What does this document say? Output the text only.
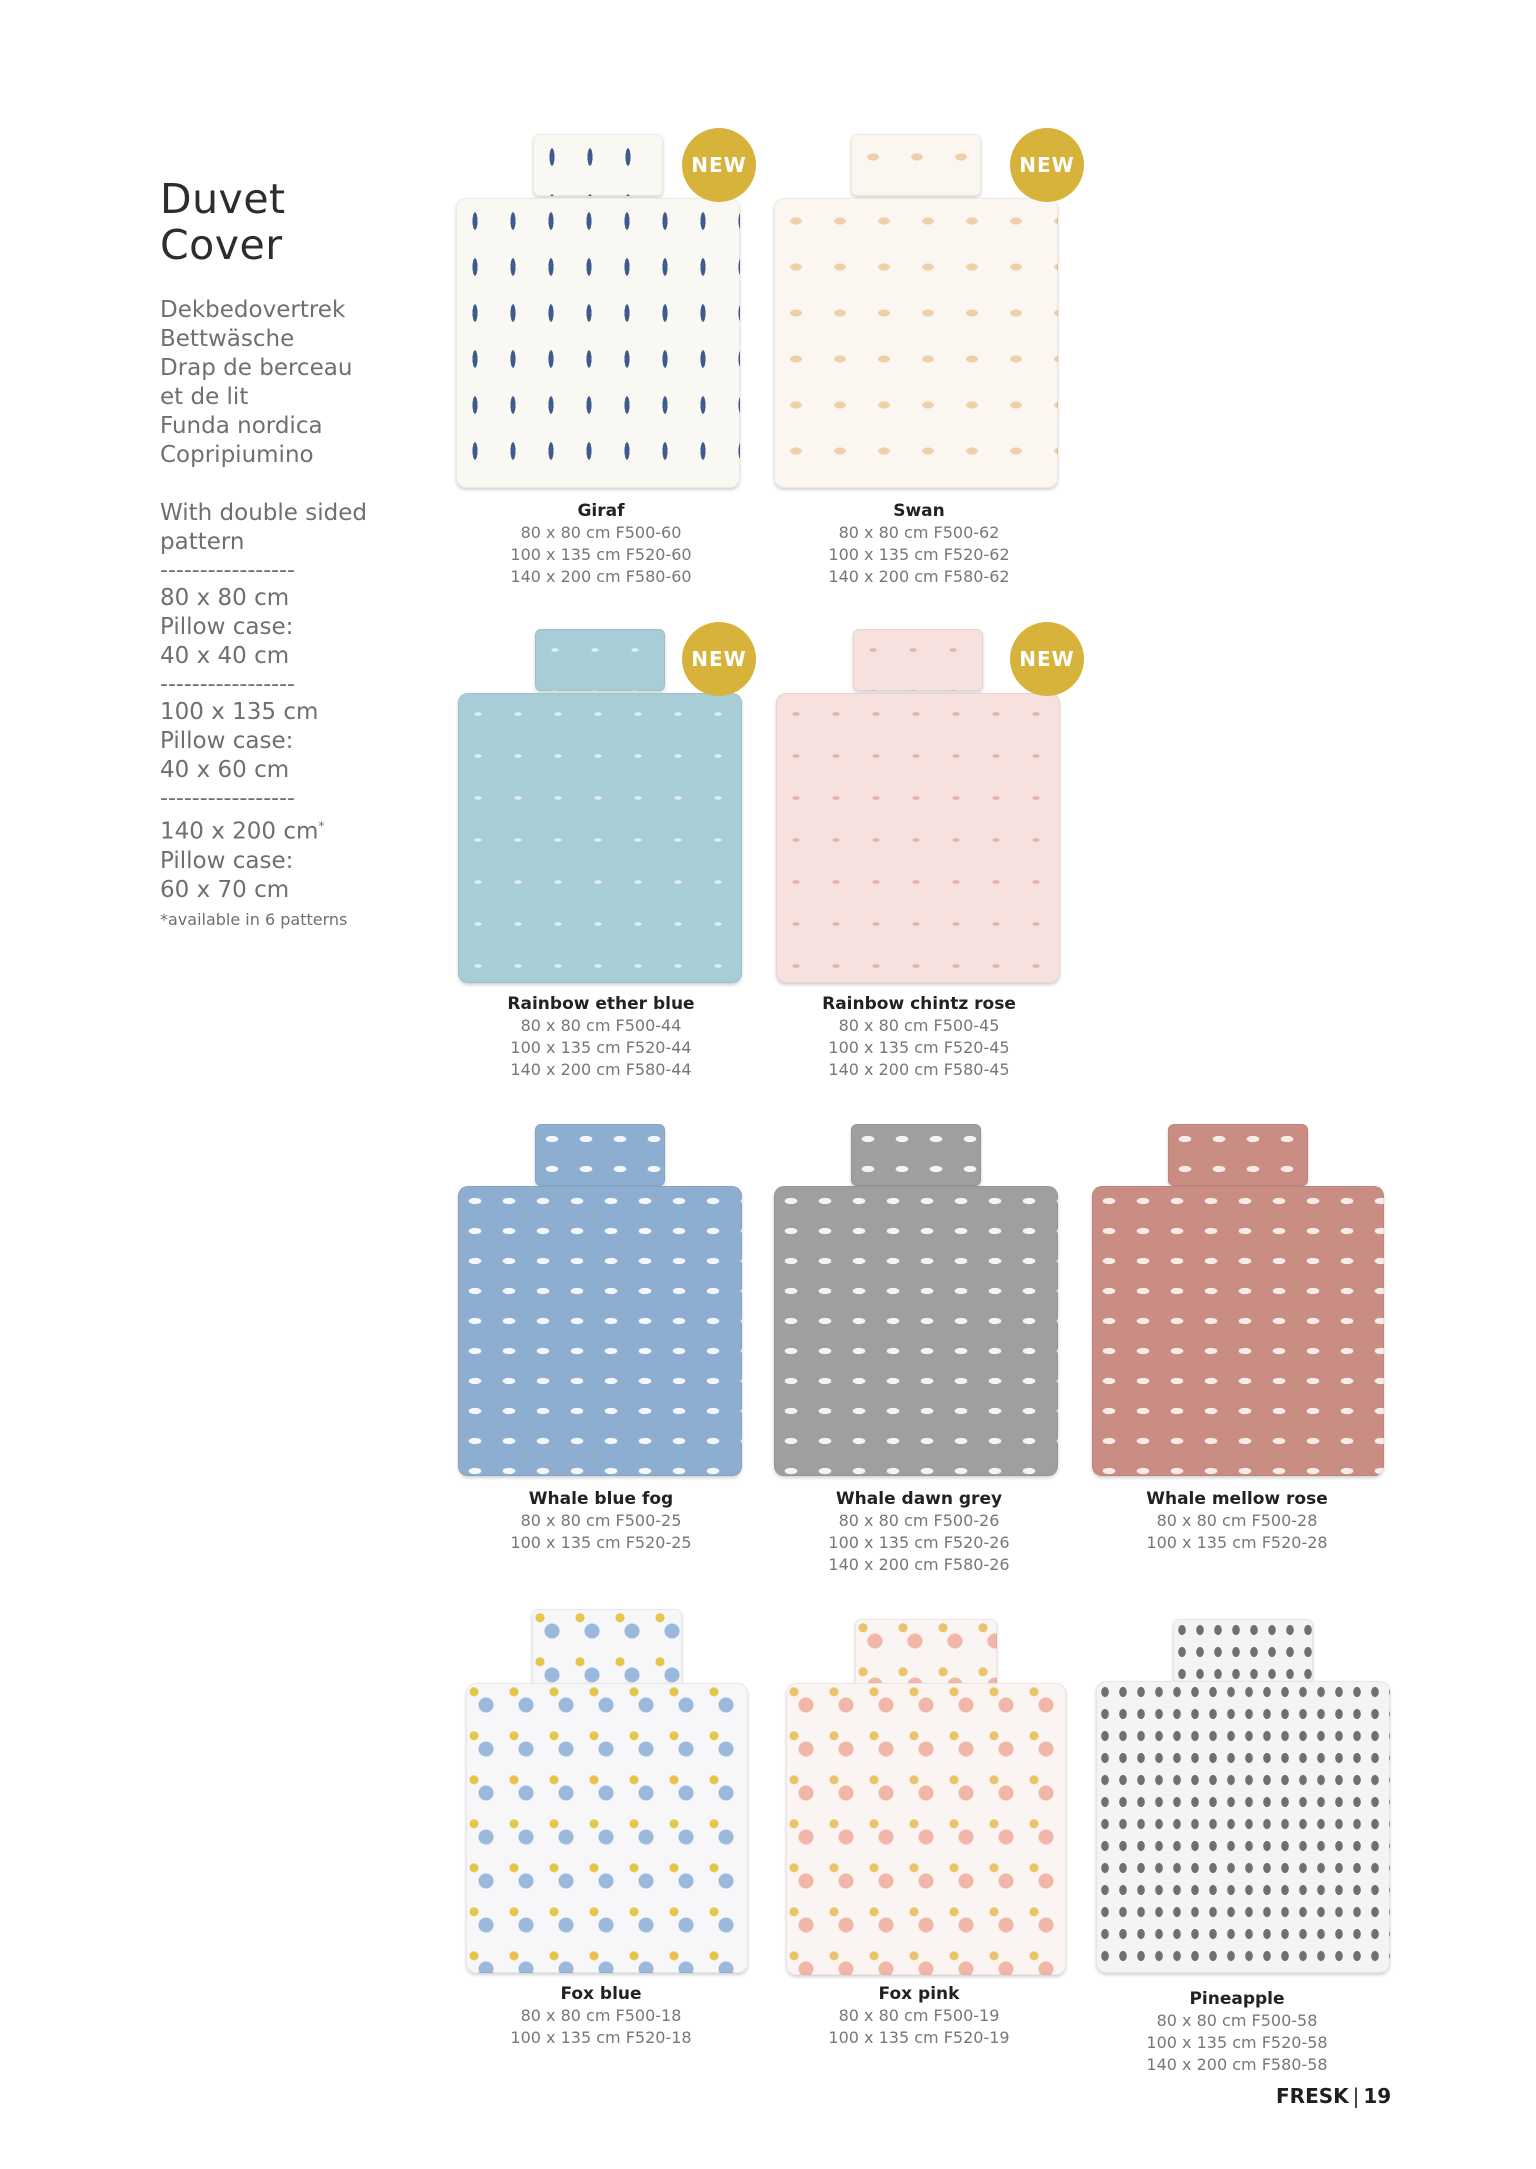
Duvet
Cover
Dekbedovertrek
Bettwäsche
Drap de berceau
et de lit
Funda nordica
Copripiumino
With double sided
pattern
-----------------
80 x 80 cm
Pillow case:
40 x 40 cm
-----------------
100 x 135 cm
Pillow case:
40 x 60 cm
-----------------
140 x 200 cm*
Pillow case:
60 x 70 cm
*available in 6 patterns
Giraf
80 x 80 cm F500-60
100 x 135 cm F520-60
140 x 200 cm F580-60
NEW
Swan
80 x 80 cm F500-62
100 x 135 cm F520-62
140 x 200 cm F580-62
NEW
Rainbow ether blue
80 x 80 cm F500-44
100 x 135 cm F520-44
140 x 200 cm F580-44
NEW
Rainbow chintz rose
80 x 80 cm F500-45
100 x 135 cm F520-45
140 x 200 cm F580-45
NEW
Whale blue fog
80 x 80 cm F500-25
100 x 135 cm F520-25
Whale dawn grey
80 x 80 cm F500-26
100 x 135 cm F520-26
140 x 200 cm F580-26
Whale mellow rose
80 x 80 cm F500-28
100 x 135 cm F520-28
Fox blue
80 x 80 cm F500-18
100 x 135 cm F520-18
Fox pink
80 x 80 cm F500-19
100 x 135 cm F520-19
Pineapple
80 x 80 cm F500-58
100 x 135 cm F520-58
140 x 200 cm F580-58
FRESK | 19
